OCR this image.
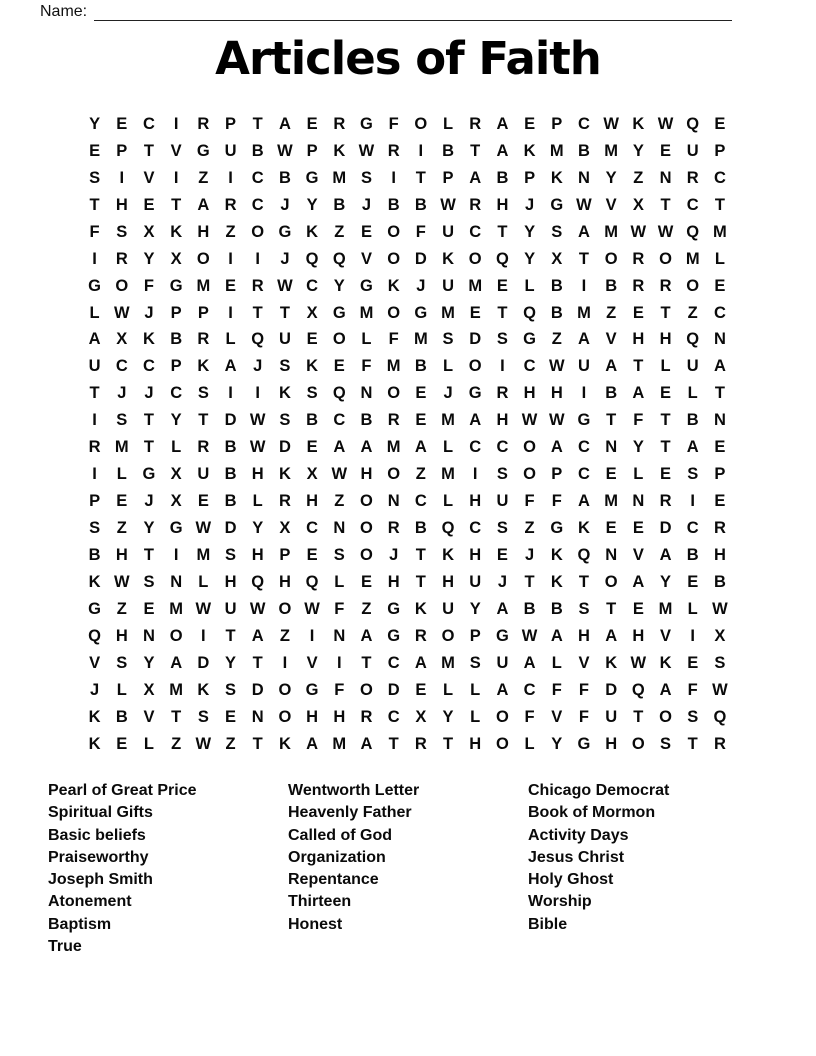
Name:
Articles of Faith
Y E C	I	R P	T A E R G F O L R A E P C W K W Q E
E P	T	V G U B W P K W R	I	B T A K M B M Y E U P
S	I	V	I	Z	I	C B G M S	I	T	P A B P K N Y	Z N R C
T H E	T A R C	J	Y B	J	B B W R H	J G W V X	T C T
F	S X K H Z O G K Z	E O F U C T	Y S A M W W Q M
I	R Y X O	I	I	J Q Q V O D K O Q Y X	T O R O M L
G O F G M E R W C Y G K	J	U M E	L B	I	B R R O E
L W J	P P	I	T	T	X G M O G M E	T Q B M Z	E	T	Z C
A X K B R L Q U E O L	F M S D S G Z A V H H Q N
U C C P K A	J	S K E	F M B L O	I	C W U A T	L U A
T	J	J	C S	I	I	K S Q N O E	J G R H H	I	B A E	L	T
I	S	T	Y	T D W S B C B R E M A H W W G T	F	T B N
R M T	L R B W D E A A M A L C C O A C N Y	T A E
I	L G X U B H K X W H O Z M	I	S O P C E	L	E S P
P E	J	X E B L R H Z O N C L H U F	F A M N R	I	E
S	Z	Y G W D Y X C N O R B Q C S	Z G K E E D C R
B H T	I	M S H P E S O J	T K H E	J	K Q N V A B H
K W S N L H Q H Q L	E H T H U	J	T K T O A Y E B
G Z	E M W U W O W F	Z G K U Y A B B S	T	E M L W
Q H N O	I	T A Z	I	N A G R O P G W A H A H V	I	X
V S Y A D Y	T	I	V	I	T C A M S U A L	V K W K E S
J	L	X M K S D O G F O D E	L	L A C F	F D Q A F W
K B V	T	S E N O H H R C X Y	L O F	V	F U T O S Q
K E	L	Z W Z	T K A M A T R T H O L	Y G H O S	T R
Pearl of Great Price
Spiritual Gifts
Basic beliefs
Praiseworthy
Joseph Smith
Atonement
Baptism
True
Wentworth Letter
Heavenly Father
Called of God
Organization
Repentance
Thirteen
Honest
Chicago Democrat
Book of Mormon
Activity Days
Jesus Christ
Holy Ghost
Worship
Bible
